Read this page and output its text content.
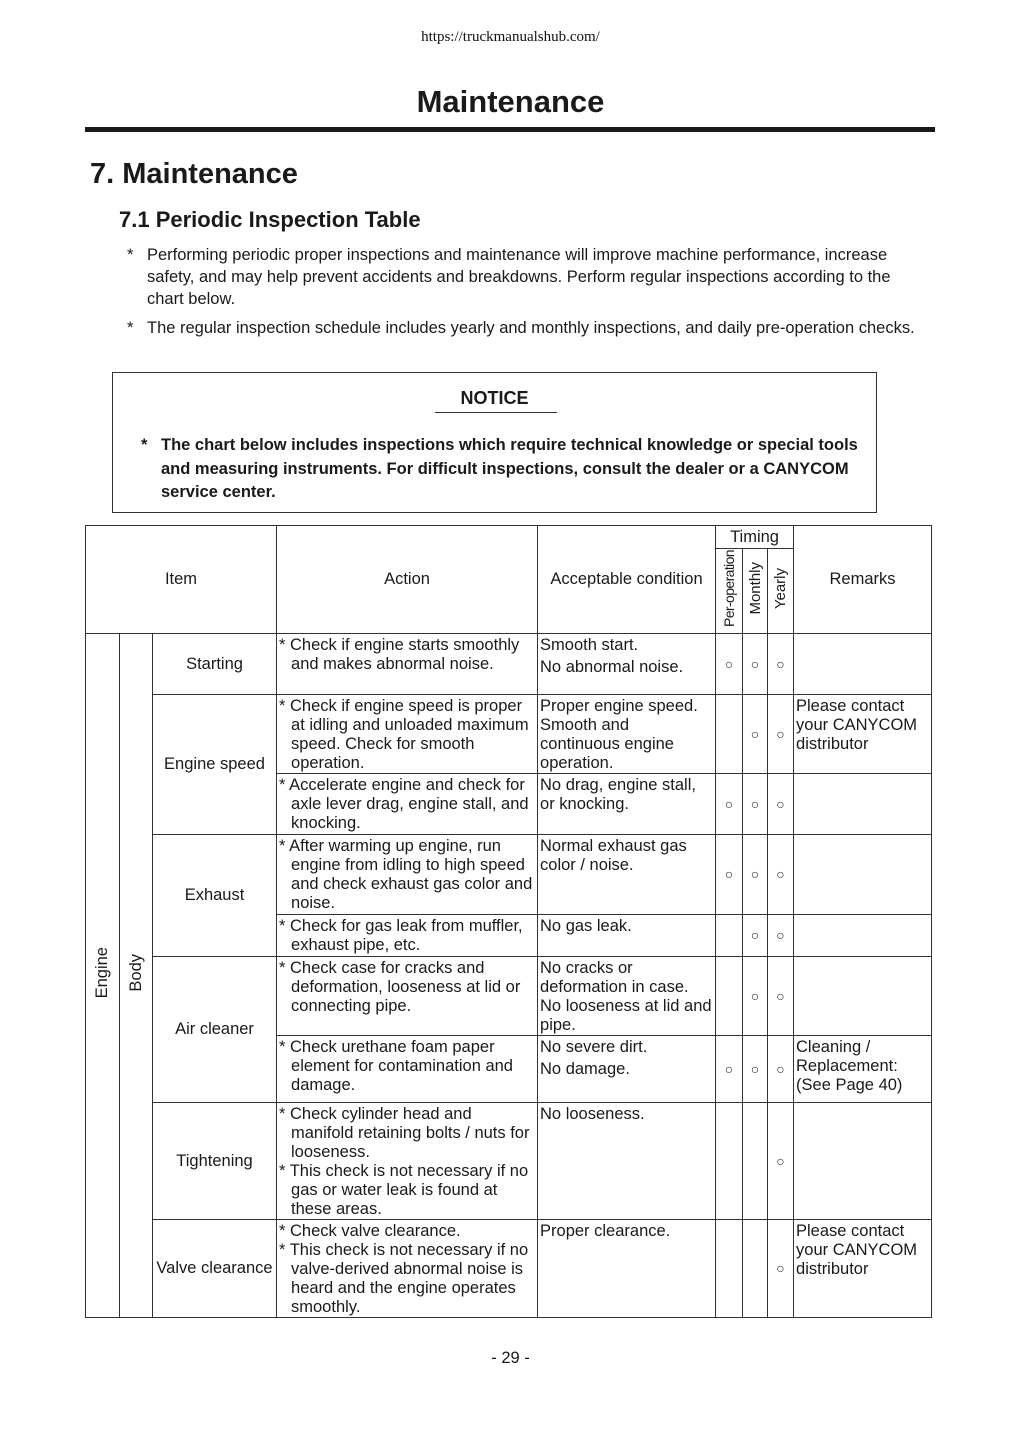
https://truckmanualshub.com/
Maintenance
7. Maintenance
7.1 Periodic Inspection Table
* Performing periodic proper inspections and maintenance will improve machine performance, increase safety, and may help prevent accidents and breakdowns. Perform regular inspections according to the chart below.
* The regular inspection schedule includes yearly and monthly inspections, and daily pre-operation checks.
NOTICE
* The chart below includes inspections which require technical knowledge or special tools and measuring instruments. For difficult inspections, consult the dealer or a CANYCOM service center.
Item			Action	Acceptable condition	Timing			Remarks
					Per-operation	Monthly	Yearly	
Engine	Body	Starting	* Check if engine starts smoothly and makes abnormal noise.	Smooth start.
No abnormal noise.	○	○	○	
		Engine speed	* Check if engine speed is proper at idling and unloaded maximum speed. Check for smooth operation.	Proper engine speed. Smooth and continuous engine operation.		○	○	Please contact your CANYCOM distributor
			* Accelerate engine and check for axle lever drag, engine stall, and knocking.	No drag, engine stall, or knocking.	○	○	○	
		Exhaust	* After warming up engine, run engine from idling to high speed and check exhaust gas color and noise.	Normal exhaust gas color / noise.	○	○	○	
			* Check for gas leak from muffler, exhaust pipe, etc.	No gas leak.		○	○	
		Air cleaner	* Check case for cracks and deformation, looseness at lid or connecting pipe.	No cracks or deformation in case. No looseness at lid and pipe.		○	○	
			* Check urethane foam paper element for contamination and damage.	No severe dirt.
No damage.	○	○	○	Cleaning / Replacement: (See Page 40)
		Tightening	* Check cylinder head and manifold retaining bolts / nuts for looseness.
* This check is not necessary if no gas or water leak is found at these areas.	No looseness.			○	
		Valve clearance	* Check valve clearance.
* This check is not necessary if no valve-derived abnormal noise is heard and the engine operates smoothly.	Proper clearance.			○	Please contact your CANYCOM distributor
- 29 -
